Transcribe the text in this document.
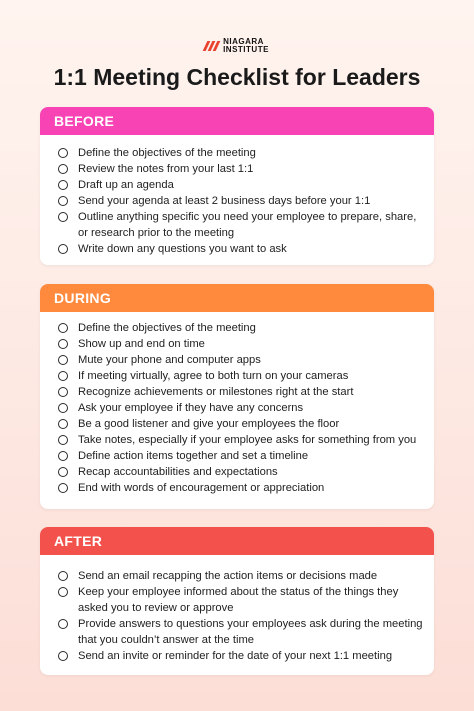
NIAGARA
INSTITUTE
1:1 Meeting Checklist for Leaders
BEFORE
Define the objectives of the meeting
Review the notes from your last 1:1
Draft up an agenda
Send your agenda at least 2 business days before your 1:1
Outline anything specific you need your employee to prepare, share, or research prior to the meeting
Write down any questions you want to ask
DURING
Define the objectives of the meeting
Show up and end on time
Mute your phone and computer apps
If meeting virtually, agree to both turn on your cameras
Recognize achievements or milestones right at the start
Ask your employee if they have any concerns
Be a good listener and give your employees the floor
Take notes, especially if your employee asks for something from you
Define action items together and set a timeline
Recap accountabilities and expectations
End with words of encouragement or appreciation
AFTER
Send an email recapping the action items or decisions made
Keep your employee informed about the status of the things they asked you to review or approve
Provide answers to questions your employees ask during the meeting that you couldn’t answer at the time
Send an invite or reminder for the date of your next 1:1 meeting
